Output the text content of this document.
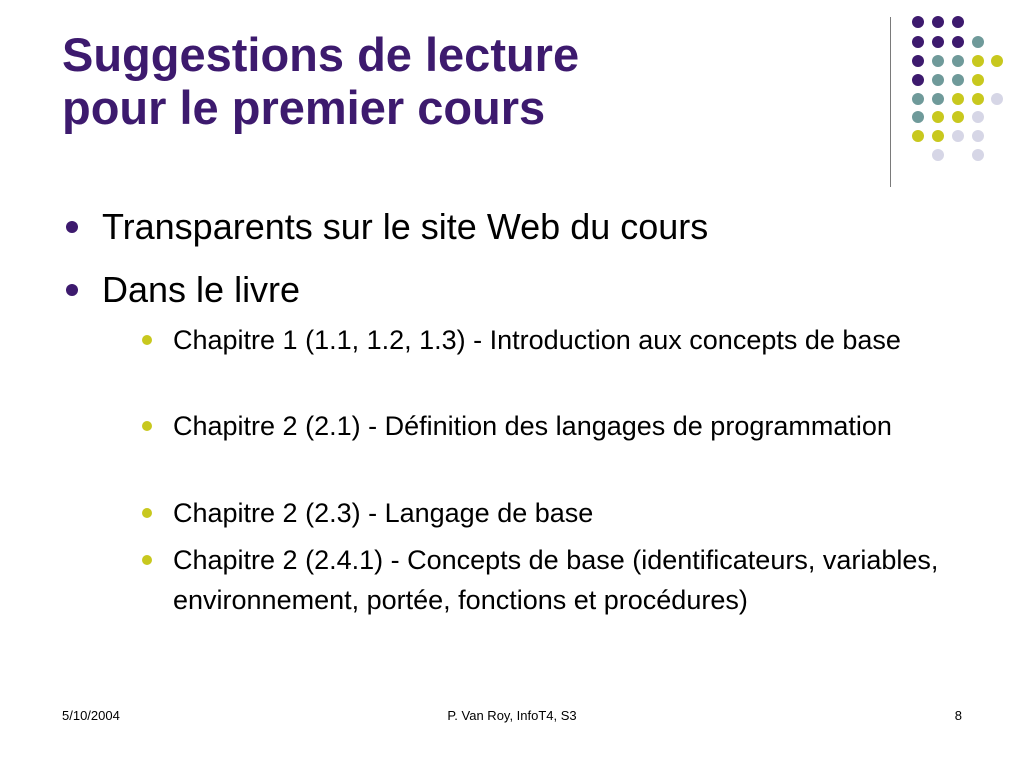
Suggestions de lecture
pour le premier cours
Transparents sur le site Web du cours
Dans le livre
Chapitre 1 (1.1, 1.2, 1.3) - Introduction aux concepts de base
Chapitre 2 (2.1) - Définition des langages de programmation
Chapitre 2 (2.3) - Langage de base
Chapitre 2 (2.4.1) - Concepts de base (identificateurs, variables, environnement, portée, fonctions et procédures)
5/10/2004	P. Van Roy, InfoT4, S3	8
